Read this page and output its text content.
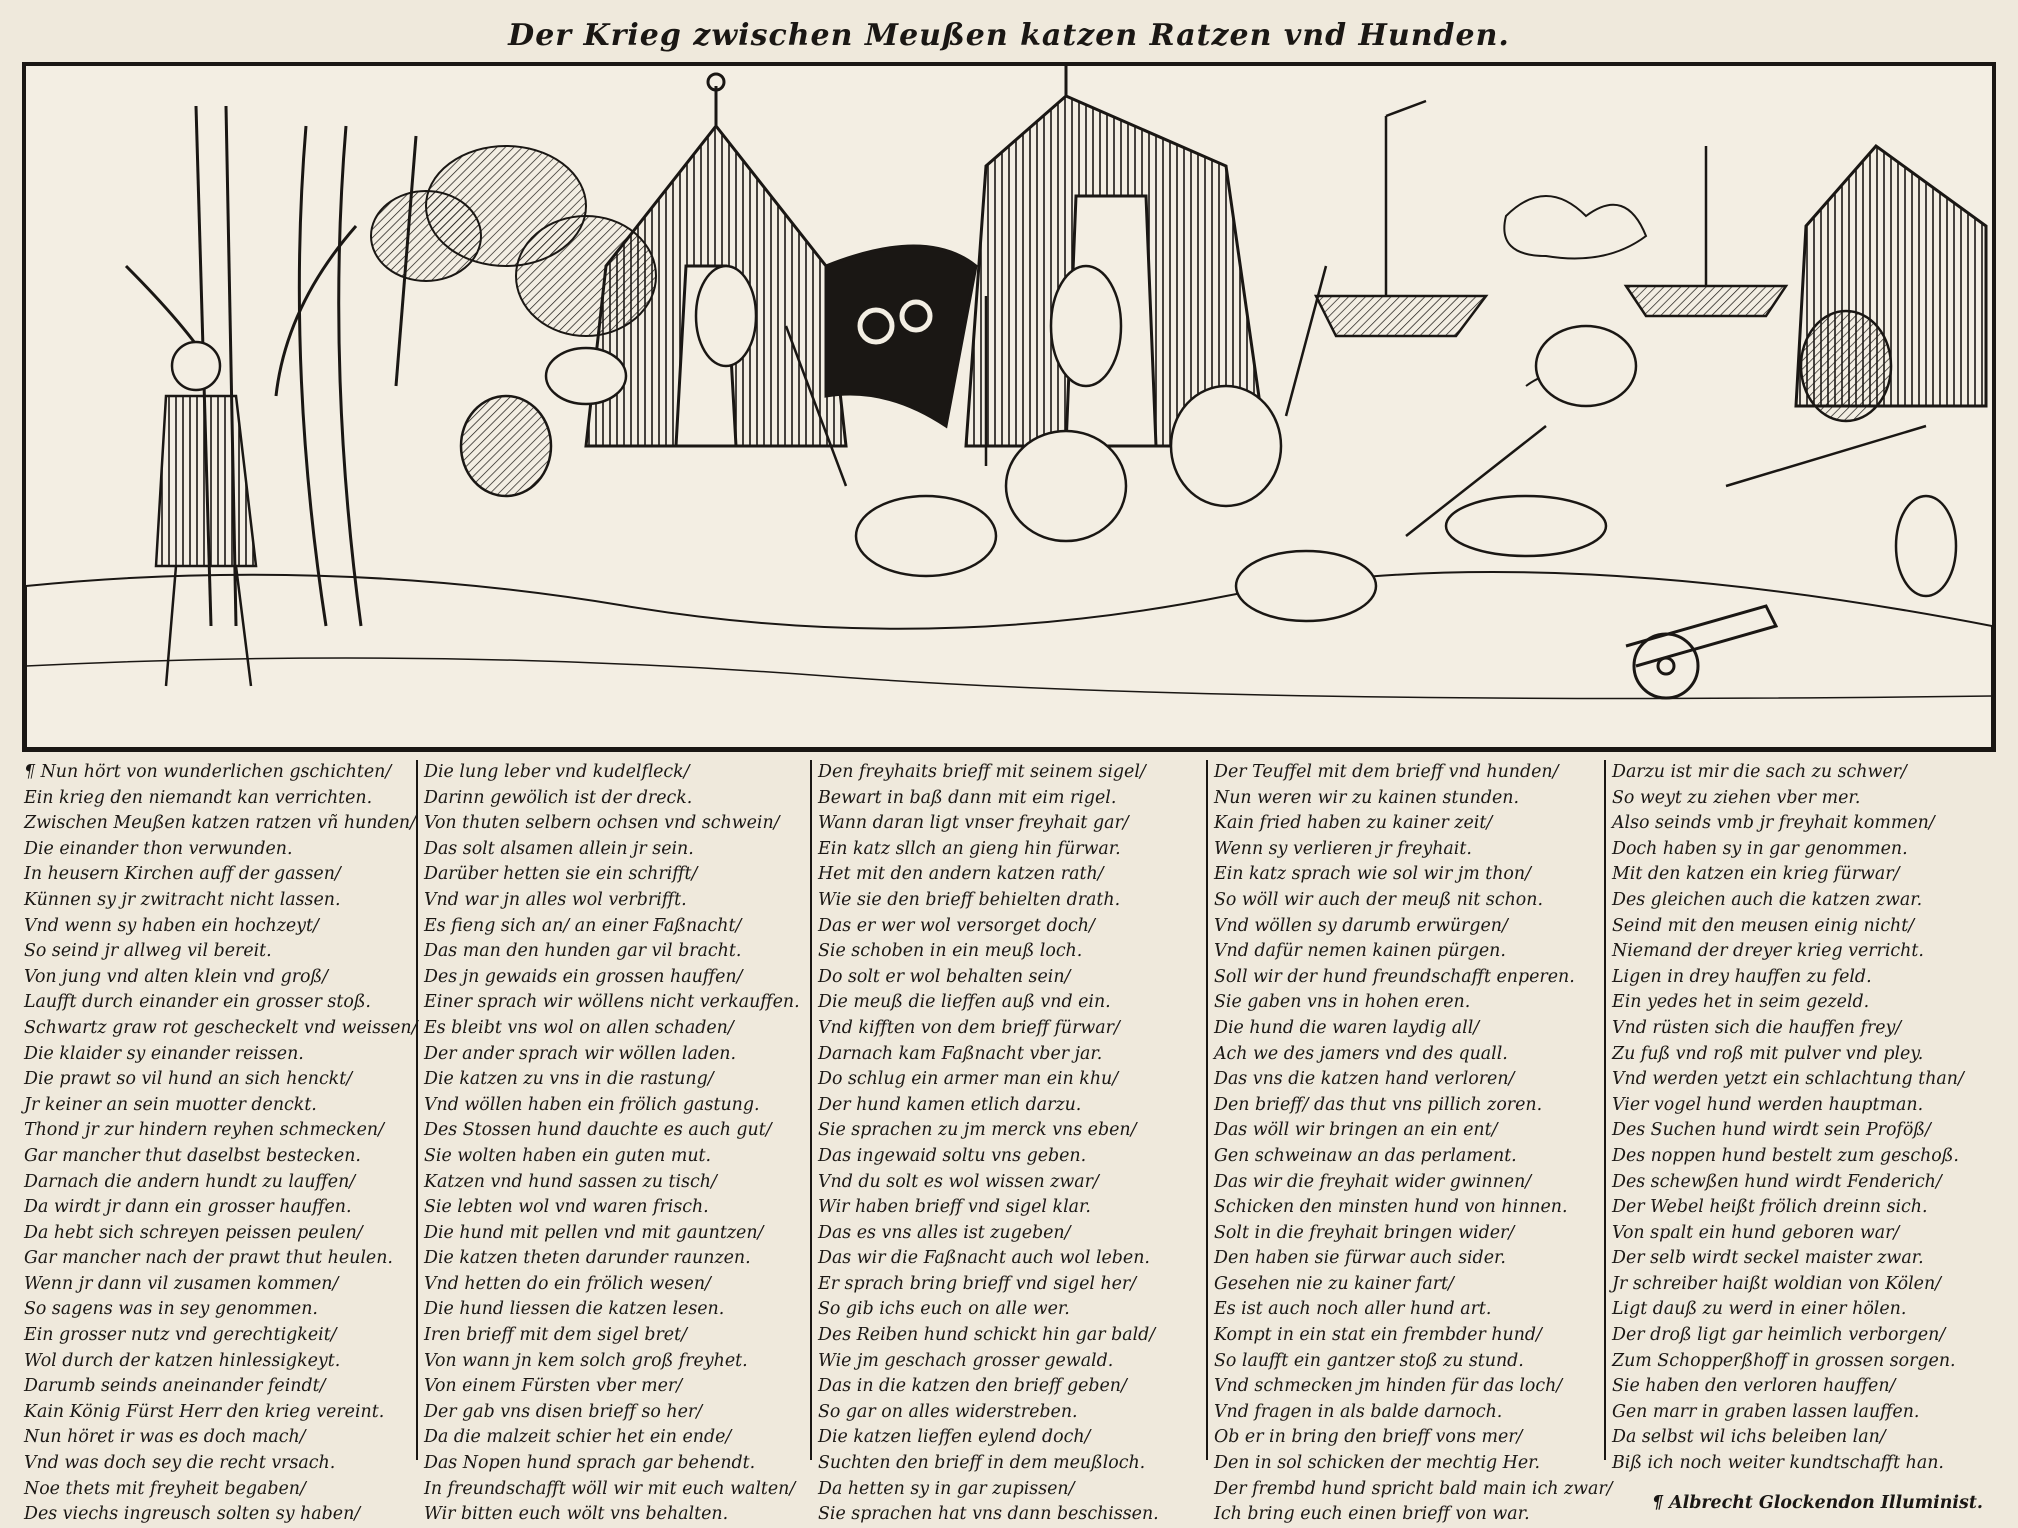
Der Krieg zwischen Meußen katzen Ratzen vnd Hunden.
¶ Nun hört von wunderlichen gschichten/
Ein krieg den niemandt kan verrichten.
Zwischen Meußen katzen ratzen vñ hunden/
Die einander thon verwunden.
In heusern Kirchen auff der gassen/
Künnen sy jr zwitracht nicht lassen.
Vnd wenn sy haben ein hochzeyt/
So seind jr allweg vil bereit.
Von jung vnd alten klein vnd groß/
Laufft durch einander ein grosser stoß.
Schwartz graw rot gescheckelt vnd weissen/
Die klaider sy einander reissen.
Die prawt so vil hund an sich henckt/
Jr keiner an sein muotter denckt.
Thond jr zur hindern reyhen schmecken/
Gar mancher thut daselbst bestecken.
Darnach die andern hundt zu lauffen/
Da wirdt jr dann ein grosser hauffen.
Da hebt sich schreyen peissen peulen/
Gar mancher nach der prawt thut heulen.
Wenn jr dann vil zusamen kommen/
So sagens was in sey genommen.
Ein grosser nutz vnd gerechtigkeit/
Wol durch der katzen hinlessigkeyt.
Darumb seinds aneinander feindt/
Kain König Fürst Herr den krieg vereint.
Nun höret ir was es doch mach/
Vnd was doch sey die recht vrsach.
Noe thets mit freyheit begaben/
Des viechs ingreusch solten sy haben/
Die lung leber vnd kudelfleck/
Darinn gewölich ist der dreck.
Von thuten selbern ochsen vnd schwein/
Das solt alsamen allein jr sein.
Darüber hetten sie ein schrifft/
Vnd war jn alles wol verbrifft.
Es fieng sich an/ an einer Faßnacht/
Das man den hunden gar vil bracht.
Des jn gewaids ein grossen hauffen/
Einer sprach wir wöllens nicht verkauffen.
Es bleibt vns wol on allen schaden/
Der ander sprach wir wöllen laden.
Die katzen zu vns in die rastung/
Vnd wöllen haben ein frölich gastung.
Des Stossen hund dauchte es auch gut/
Sie wolten haben ein guten mut.
Katzen vnd hund sassen zu tisch/
Sie lebten wol vnd waren frisch.
Die hund mit pellen vnd mit gauntzen/
Die katzen theten darunder raunzen.
Vnd hetten do ein frölich wesen/
Die hund liessen die katzen lesen.
Iren brieff mit dem sigel bret/
Von wann jn kem solch groß freyhet.
Von einem Fürsten vber mer/
Der gab vns disen brieff so her/
Da die malzeit schier het ein ende/
Das Nopen hund sprach gar behendt.
In freundschafft wöll wir mit euch walten/
Wir bitten euch wölt vns behalten.
Den freyhaits brieff mit seinem sigel/
Bewart in baß dann mit eim rigel.
Wann daran ligt vnser freyhait gar/
Ein katz sllch an gieng hin fürwar.
Het mit den andern katzen rath/
Wie sie den brieff behielten drath.
Das er wer wol versorget doch/
Sie schoben in ein meuß loch.
Do solt er wol behalten sein/
Die meuß die lieffen auß vnd ein.
Vnd kifften von dem brieff fürwar/
Darnach kam Faßnacht vber jar.
Do schlug ein armer man ein khu/
Der hund kamen etlich darzu.
Sie sprachen zu jm merck vns eben/
Das ingewaid soltu vns geben.
Vnd du solt es wol wissen zwar/
Wir haben brieff vnd sigel klar.
Das es vns alles ist zugeben/
Das wir die Faßnacht auch wol leben.
Er sprach bring brieff vnd sigel her/
So gib ichs euch on alle wer.
Des Reiben hund schickt hin gar bald/
Wie jm geschach grosser gewald.
Das in die katzen den brieff geben/
So gar on alles widerstreben.
Die katzen lieffen eylend doch/
Suchten den brieff in dem meußloch.
Da hetten sy in gar zupissen/
Sie sprachen hat vns dann beschissen.
Der Teuffel mit dem brieff vnd hunden/
Nun weren wir zu kainen stunden.
Kain fried haben zu kainer zeit/
Wenn sy verlieren jr freyhait.
Ein katz sprach wie sol wir jm thon/
So wöll wir auch der meuß nit schon.
Vnd wöllen sy darumb erwürgen/
Vnd dafür nemen kainen pürgen.
Soll wir der hund freundschafft enperen.
Sie gaben vns in hohen eren.
Die hund die waren laydig all/
Ach we des jamers vnd des quall.
Das vns die katzen hand verloren/
Den brieff/ das thut vns pillich zoren.
Das wöll wir bringen an ein ent/
Gen schweinaw an das perlament.
Das wir die freyhait wider gwinnen/
Schicken den minsten hund von hinnen.
Solt in die freyhait bringen wider/
Den haben sie fürwar auch sider.
Gesehen nie zu kainer fart/
Es ist auch noch aller hund art.
Kompt in ein stat ein frembder hund/
So laufft ein gantzer stoß zu stund.
Vnd schmecken jm hinden für das loch/
Vnd fragen in als balde darnoch.
Ob er in bring den brieff vons mer/
Den in sol schicken der mechtig Her.
Der frembd hund spricht bald main ich zwar/
Ich bring euch einen brieff von war.
Darzu ist mir die sach zu schwer/
So weyt zu ziehen vber mer.
Also seinds vmb jr freyhait kommen/
Doch haben sy in gar genommen.
Mit den katzen ein krieg fürwar/
Des gleichen auch die katzen zwar.
Seind mit den meusen einig nicht/
Niemand der dreyer krieg verricht.
Ligen in drey hauffen zu feld.
Ein yedes het in seim gezeld.
Vnd rüsten sich die hauffen frey/
Zu fuß vnd roß mit pulver vnd pley.
Vnd werden yetzt ein schlachtung than/
Vier vogel hund werden hauptman.
Des Suchen hund wirdt sein Proföß/
Des noppen hund bestelt zum geschoß.
Des schewßen hund wirdt Fenderich/
Der Webel heißt frölich dreinn sich.
Von spalt ein hund geboren war/
Der selb wirdt seckel maister zwar.
Jr schreiber haißt woldian von Kölen/
Ligt dauß zu werd in einer hölen.
Der droß ligt gar heimlich verborgen/
Zum Schopperßhoff in grossen sorgen.
Sie haben den verloren hauffen/
Gen marr in graben lassen lauffen.
Da selbst wil ichs beleiben lan/
Biß ich noch weiter kundtschafft han.
¶ Albrecht Glockendon Illuminist.
